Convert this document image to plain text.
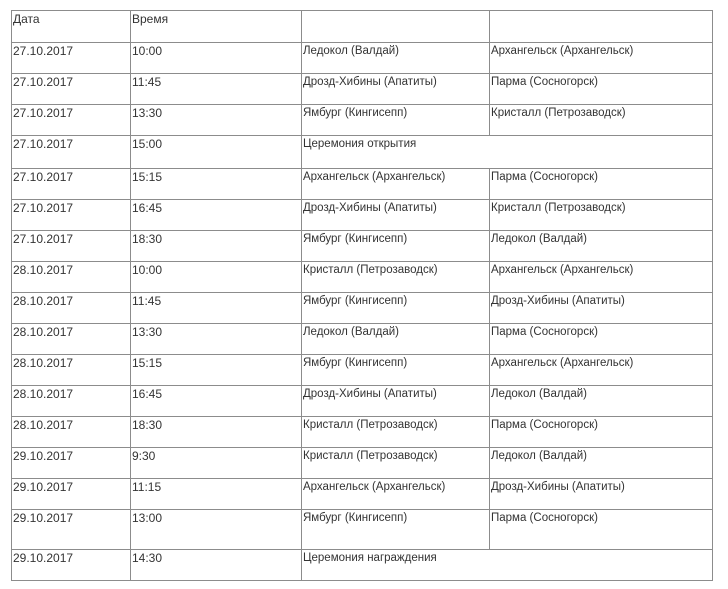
Дата	Время		

27.10.2017	10:00	Ледокол (Валдай)	Архангельск (Архангельск)

27.10.2017	11:45	Дрозд-Хибины (Апатиты)	Парма (Сосногорск)

27.10.2017	13:30	Ямбург (Кингисепп)	Кристалл (Петрозаводск)

27.10.2017	15:00	Церемония открытия	

27.10.2017	15:15	Архангельск (Архангельск)	Парма (Сосногорск)

27.10.2017	16:45	Дрозд-Хибины (Апатиты)	Кристалл (Петрозаводск)

27.10.2017	18:30	Ямбург (Кингисепп)	Ледокол (Валдай)

28.10.2017	10:00	Кристалл (Петрозаводск)	Архангельск (Архангельск)

28.10.2017	11:45	Ямбург (Кингисепп)	Дрозд-Хибины (Апатиты)

28.10.2017	13:30	Ледокол (Валдай)	Парма (Сосногорск)

28.10.2017	15:15	Ямбург (Кингисепп)	Архангельск (Архангельск)

28.10.2017	16:45	Дрозд-Хибины (Апатиты)	Ледокол (Валдай)

28.10.2017	18:30	Кристалл (Петрозаводск)	Парма (Сосногорск)

29.10.2017	9:30	Кристалл (Петрозаводск)	Ледокол (Валдай)

29.10.2017	11:15	Архангельск (Архангельск)	Дрозд-Хибины (Апатиты)

29.10.2017	13:00	Ямбург (Кингисепп)	Парма (Сосногорск)

29.10.2017	14:30	Церемония награждения	
